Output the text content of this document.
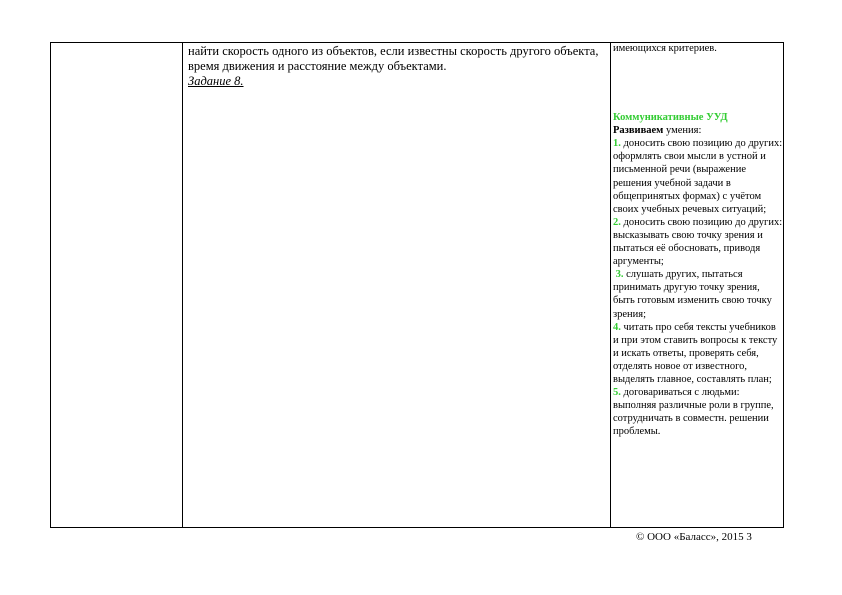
найти скорость одного из объектов, если известны скорость другого объекта, время движения и расстояние между объектами.
Задание 8.

имеющихся критериев.

Коммуникативные УУД

Развиваем умения:

1. доносить свою позицию до других: оформлять свои мысли в устной и письменной речи (выражение решения учебной задачи в общепринятых формах) с учётом своих учебных речевых ситуаций;

2. доносить свою позицию до других: высказывать свою точку зрения и пытаться её обосновать, приводя аргументы;

3. слушать других, пытаться принимать другую точку зрения, быть готовым изменить свою точку зрения;

4. читать про себя тексты учебников и при этом ставить вопросы к тексту и искать ответы, проверять себя, отделять новое от известного, выделять главное, составлять план;

5. договариваться с людьми: выполняя различные роли в группе, сотрудничать в совместн. решении проблемы.

© ООО «Баласс», 2015 3
